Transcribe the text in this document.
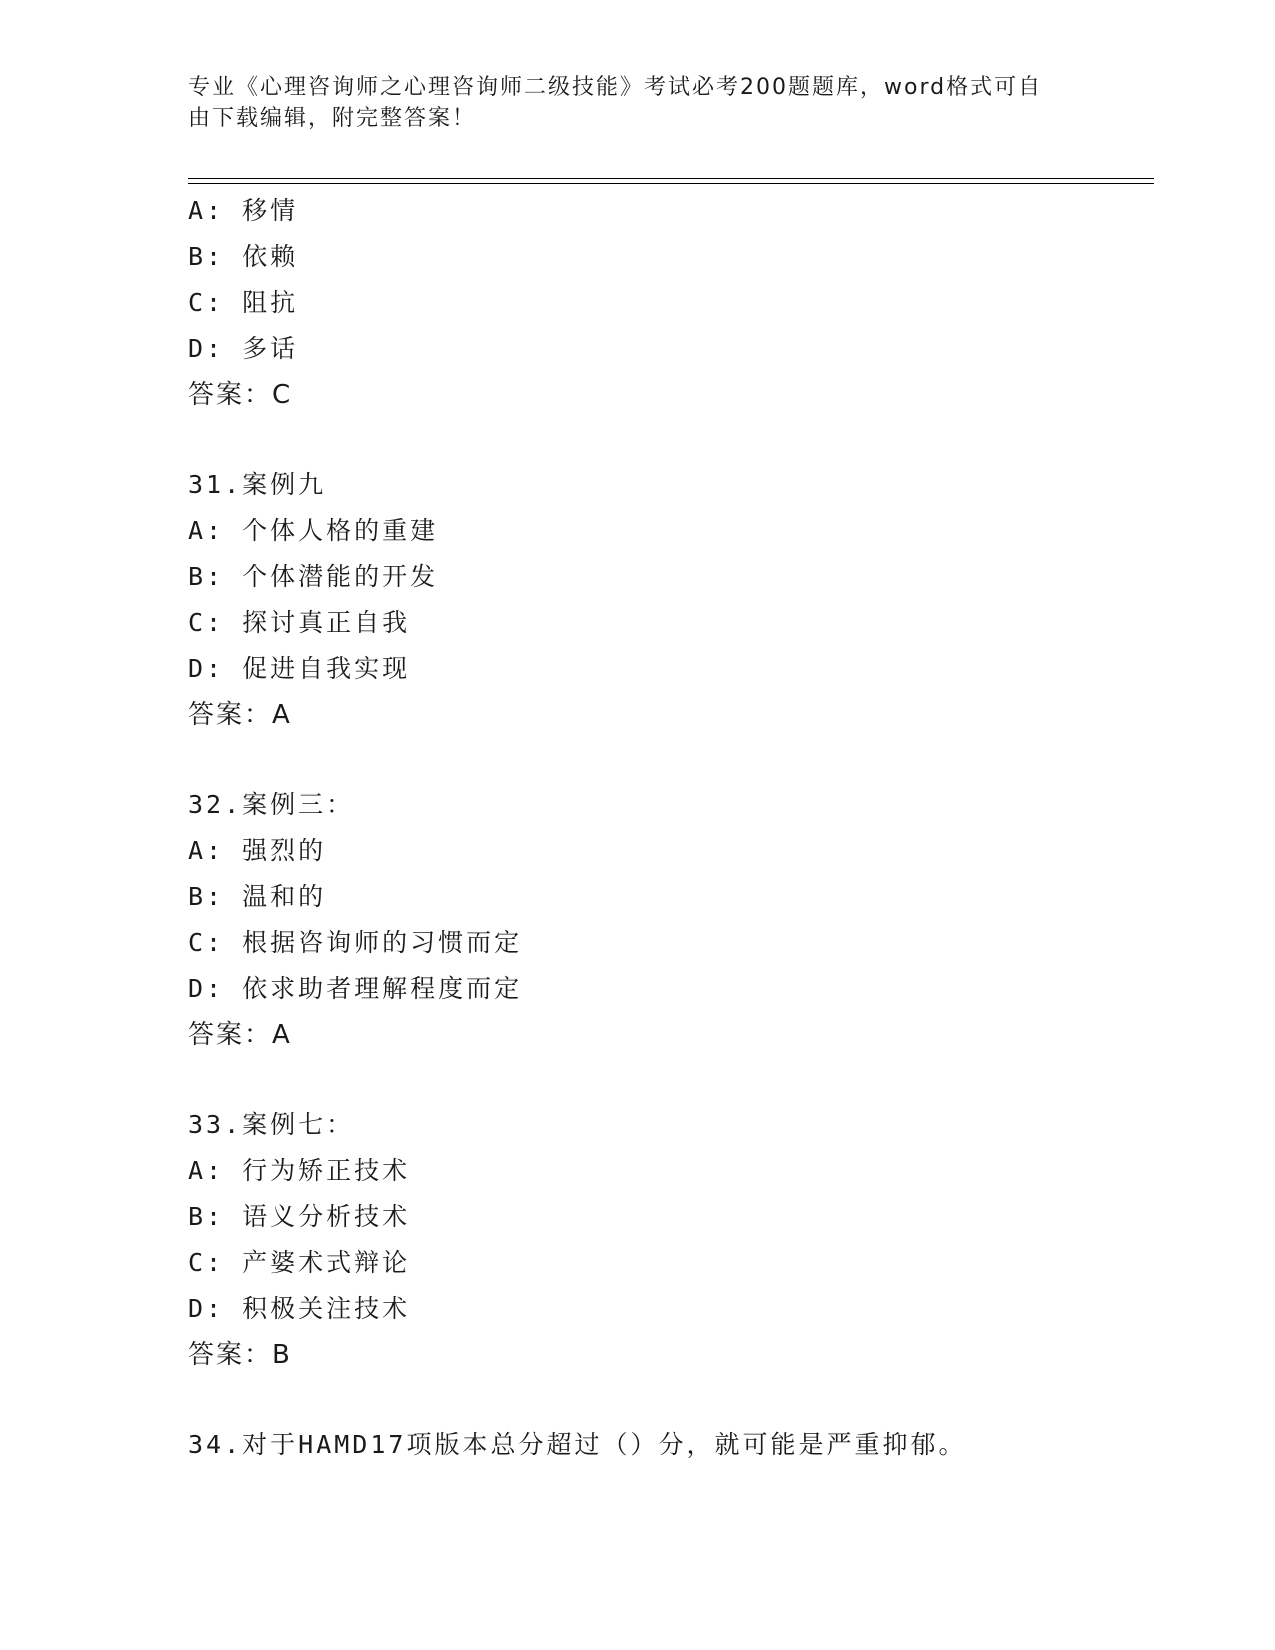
专业《心理咨询师之心理咨询师二级技能》考试必考200题题库，word格式可自
由下载编辑，附完整答案！
A: 移情
B: 依赖
C: 阻抗
D: 多话
答案：C
31.案例九
A: 个体人格的重建
B: 个体潜能的开发
C: 探讨真正自我
D: 促进自我实现
答案：A
32.案例三：
A: 强烈的
B: 温和的
C: 根据咨询师的习惯而定
D: 依求助者理解程度而定
答案：A
33.案例七：
A: 行为矫正技术
B: 语义分析技术
C: 产婆术式辩论
D: 积极关注技术
答案：B
34.对于HAMD17项版本总分超过（）分，就可能是严重抑郁。
